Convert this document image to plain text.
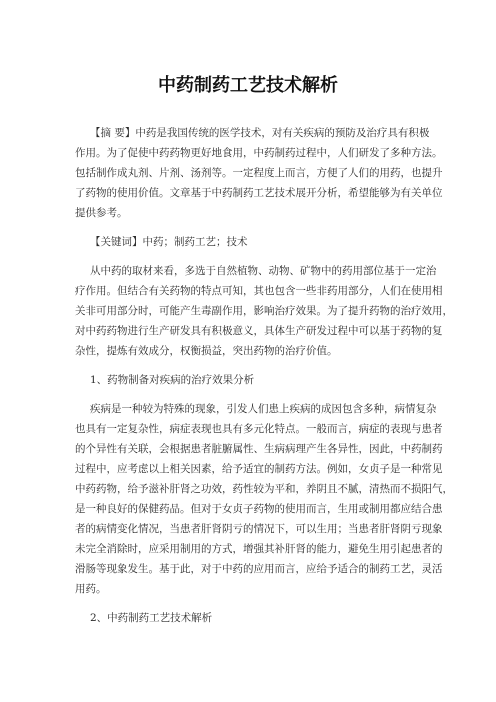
中药制药工艺技术解析
【摘 要】中药是我国传统的医学技术，对有关疾病的预防及治疗具有积极
作用。为了促使中药药物更好地食用，中药制药过程中，人们研发了多种方法。
包括制作成丸剂、片剂、汤剂等。一定程度上而言，方便了人们的用药，也提升
了药物的使用价值。文章基于中药制药工艺技术展开分析，希望能够为有关单位
提供参考。
【关键词】中药；制药工艺；技术
从中药的取材来看，多选于自然植物、动物、矿物中的药用部位基于一定治
疗作用。但结合有关药物的特点可知，其也包含一些非药用部分，人们在使用相
关非可用部分时，可能产生毒副作用，影响治疗效果。为了提升药物的治疗效用，
对中药药物进行生产研发具有积极意义，具体生产研发过程中可以基于药物的复
杂性，提炼有效成分，权衡损益，突出药物的治疗价值。
1、药物制备对疾病的治疗效果分析
疾病是一种较为特殊的现象，引发人们患上疾病的成因包含多种，病情复杂
也具有一定复杂性，病症表现也具有多元化特点。一般而言，病症的表现与患者
的个异性有关联，会根据患者脏腑属性、生病病理产生各异性，因此，中药制药
过程中，应考虑以上相关因素，给予适宜的制药方法。例如，女贞子是一种常见
中药药物，给予滋补肝肾之功效，药性较为平和，养阴且不腻，清热而不损阳气，
是一种良好的保健药品。但对于女贞子药物的使用而言，生用或制用都应结合患
者的病情变化情况，当患者肝肾阴亏的情况下，可以生用；当患者肝肾阴亏现象
未完全消除时，应采用制用的方式，增强其补肝肾的能力，避免生用引起患者的
滑肠等现象发生。基于此，对于中药的应用而言，应给予适合的制药工艺，灵活
用药。
2、中药制药工艺技术解析
